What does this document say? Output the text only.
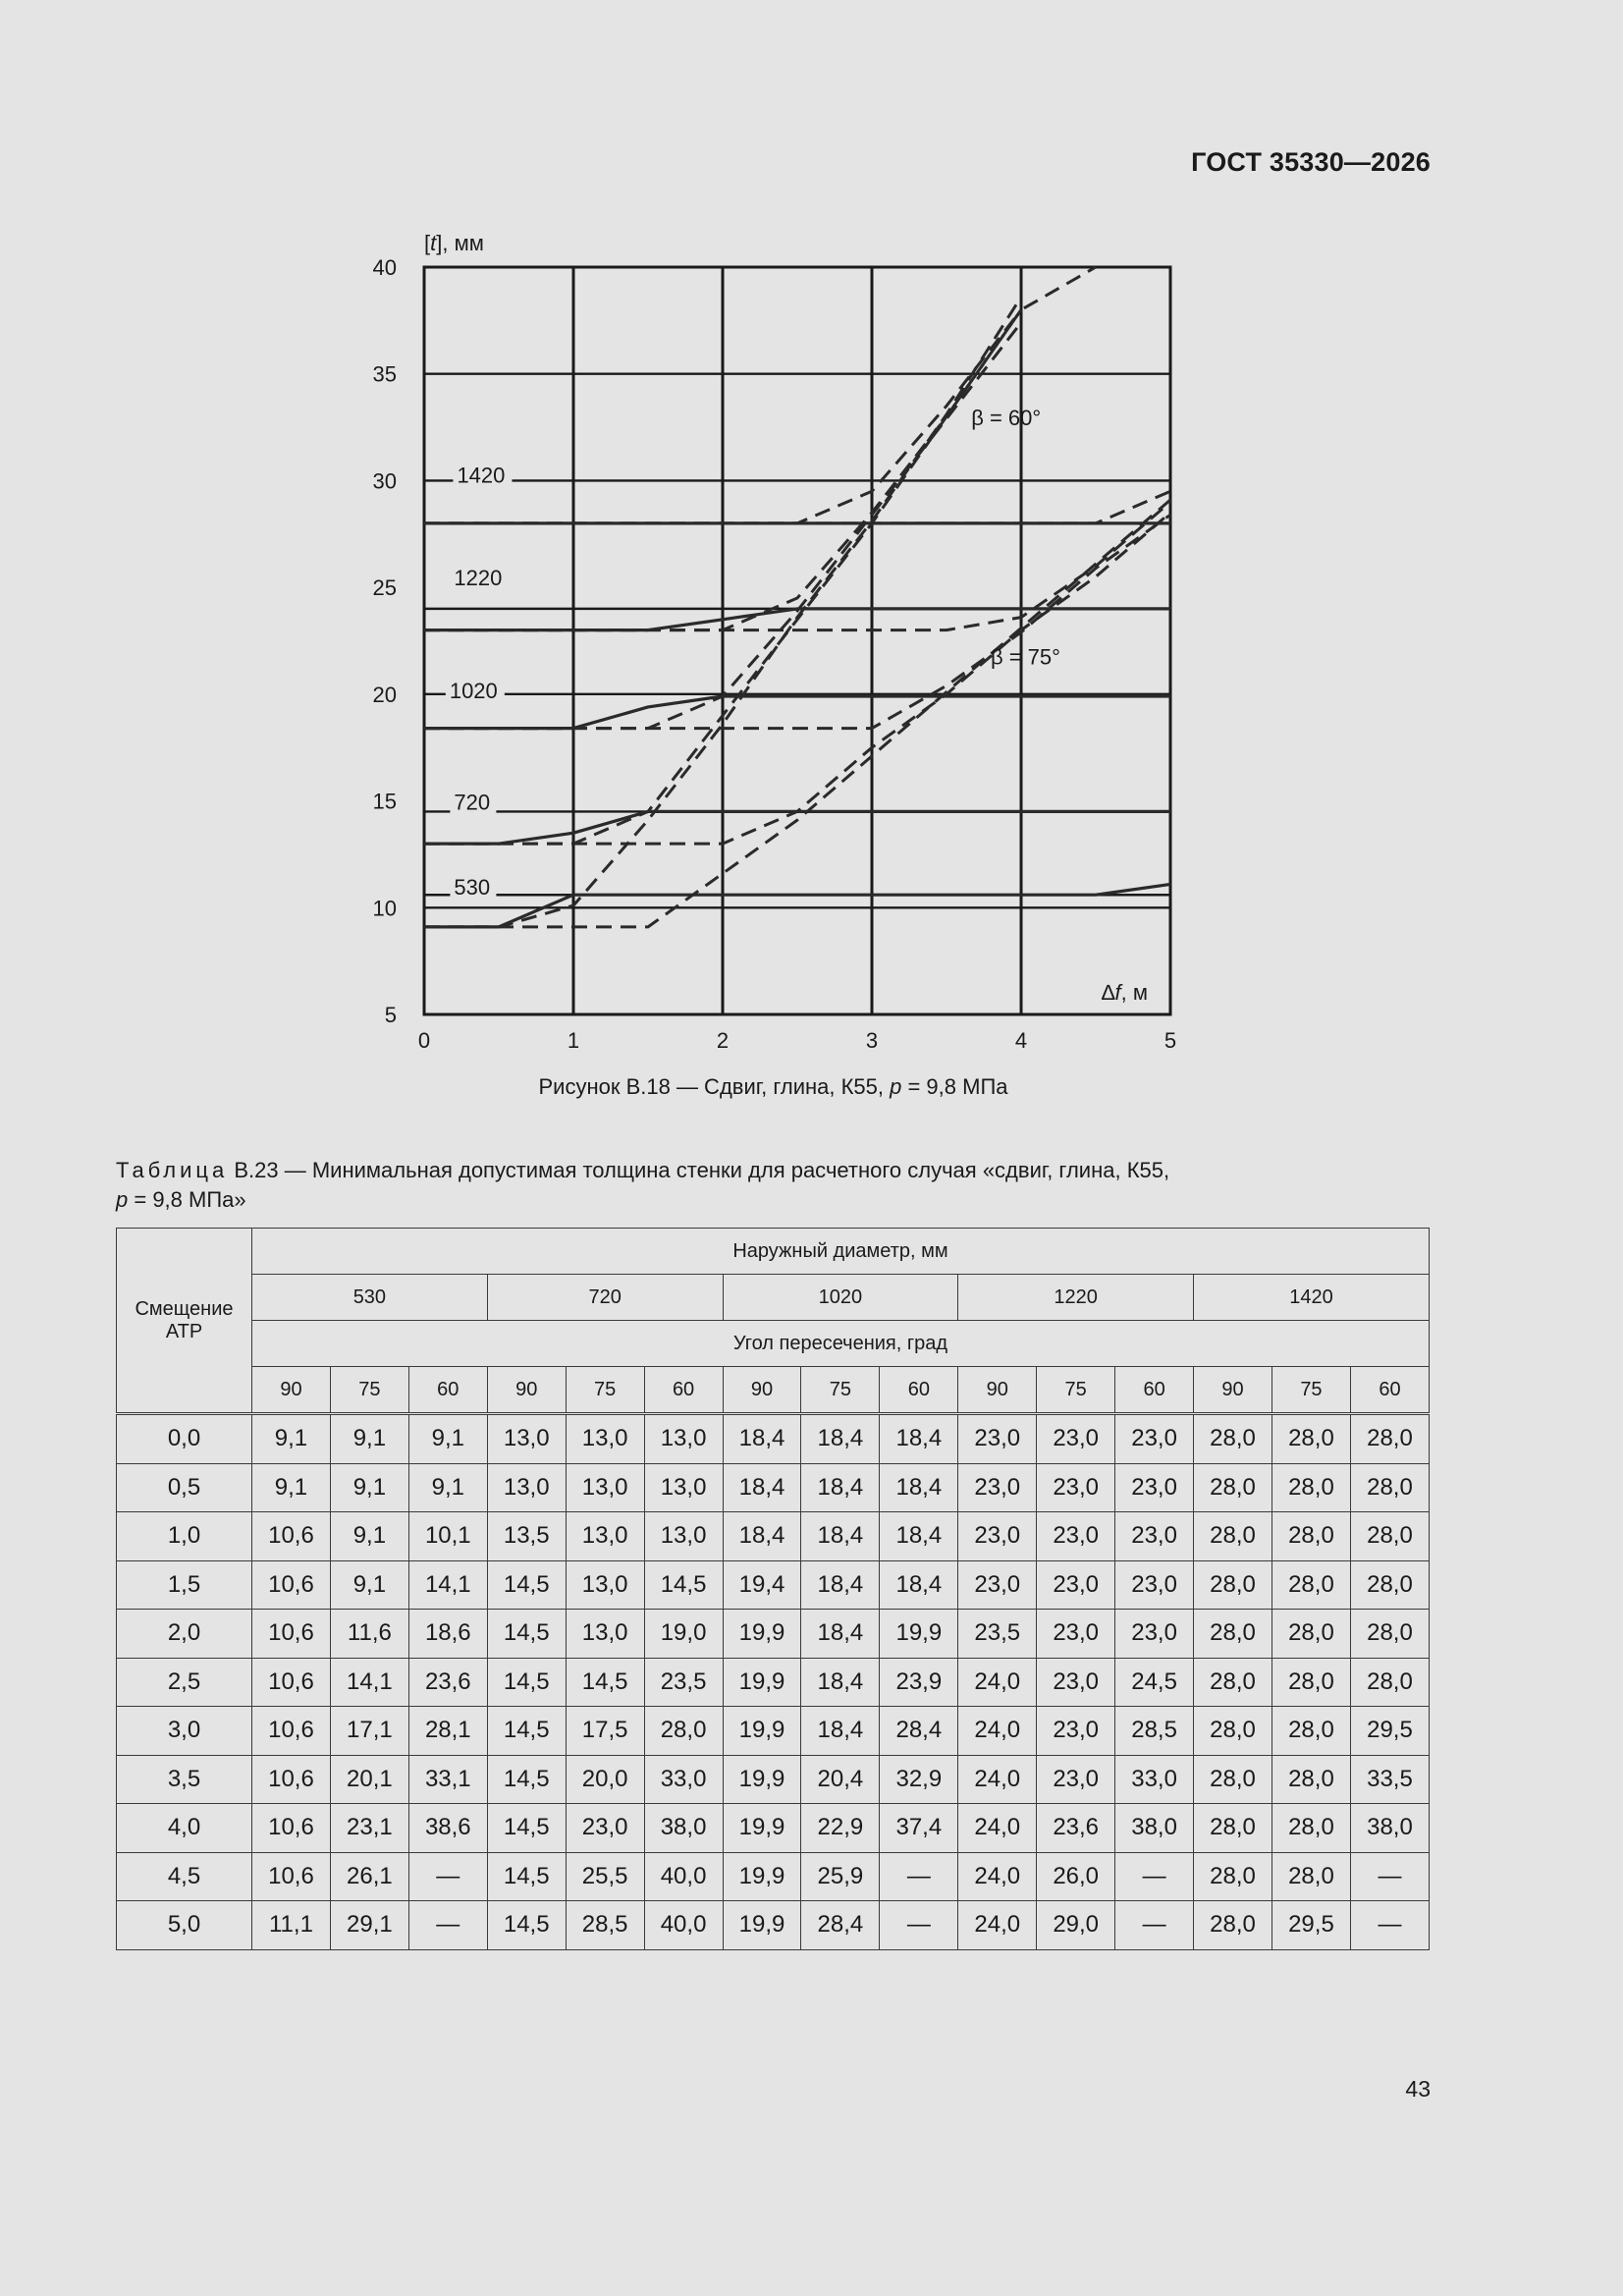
ГОСТ 35330—2026
[t], мм
∆f, м
0	1	2	3	4	5
5
10
15
20
25
30
35
40
530
720
1020
1220
1420
β = 60°
β = 75°
Рисунок В.18 — Сдвиг, глина, К55, p = 9,8 МПа
Таблица В.23 — Минимальная допустимая толщина стенки для расчетного случая «сдвиг, глина, К55,
p = 9,8 МПа»
Смещение АТР	Наружный диаметр, мм														
	530			720			1020			1220			1420		
	Угол пересечения, град														
	90	75	60	90	75	60	90	75	60	90	75	60	90	75	60
0,0	9,1	9,1	9,1	13,0	13,0	13,0	18,4	18,4	18,4	23,0	23,0	23,0	28,0	28,0	28,0
0,5	9,1	9,1	9,1	13,0	13,0	13,0	18,4	18,4	18,4	23,0	23,0	23,0	28,0	28,0	28,0
1,0	10,6	9,1	10,1	13,5	13,0	13,0	18,4	18,4	18,4	23,0	23,0	23,0	28,0	28,0	28,0
1,5	10,6	9,1	14,1	14,5	13,0	14,5	19,4	18,4	18,4	23,0	23,0	23,0	28,0	28,0	28,0
2,0	10,6	11,6	18,6	14,5	13,0	19,0	19,9	18,4	19,9	23,5	23,0	23,0	28,0	28,0	28,0
2,5	10,6	14,1	23,6	14,5	14,5	23,5	19,9	18,4	23,9	24,0	23,0	24,5	28,0	28,0	28,0
3,0	10,6	17,1	28,1	14,5	17,5	28,0	19,9	18,4	28,4	24,0	23,0	28,5	28,0	28,0	29,5
3,5	10,6	20,1	33,1	14,5	20,0	33,0	19,9	20,4	32,9	24,0	23,0	33,0	28,0	28,0	33,5
4,0	10,6	23,1	38,6	14,5	23,0	38,0	19,9	22,9	37,4	24,0	23,6	38,0	28,0	28,0	38,0
4,5	10,6	26,1	—	14,5	25,5	40,0	19,9	25,9	—	24,0	26,0	—	28,0	28,0	—
5,0	11,1	29,1	—	14,5	28,5	40,0	19,9	28,4	—	24,0	29,0	—	28,0	29,5	—
43
